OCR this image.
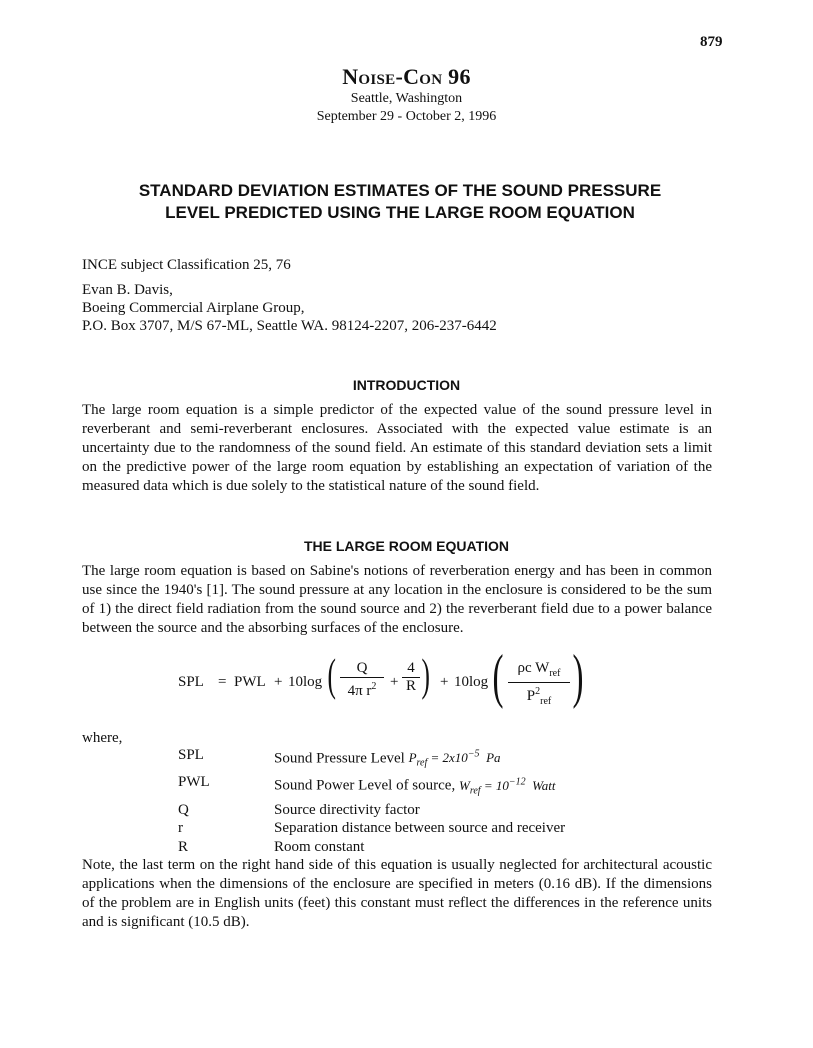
879
Noise-Con 96
Seattle, Washington
September 29 - October 2, 1996
STANDARD DEVIATION ESTIMATES OF THE SOUND PRESSURE
LEVEL PREDICTED USING THE LARGE ROOM EQUATION
INCE subject Classification 25, 76
Evan B. Davis,
Boeing Commercial Airplane Group,
P.O. Box 3707, M/S 67-ML, Seattle WA. 98124-2207, 206-237-6442
INTRODUCTION
The large room equation is a simple predictor of the expected value of the sound pressure level in reverberant and semi-reverberant enclosures. Associated with the expected value estimate is an uncertainty due to the randomness of the sound field. An estimate of this standard deviation sets a limit on the predictive power of the large room equation by establishing an expectation of variation of the measured data which is due solely to the statistical nature of the sound field.
THE LARGE ROOM EQUATION
The large room equation is based on Sabine's notions of reverberation energy and has been in common use since the 1940's [1]. The sound pressure at any location in the enclosure is considered to be the sum of 1) the direct field radiation from the sound source and 2) the reverberant field due to a power balance between the source and the absorbing surfaces of the enclosure.
SPL = PWL + 10log ( $\frac{Q}{4\pi r^2} + \frac{4}{R}$ ) + 10log ( ρc $W_{ref}$
$P^2_{ref}$ )
where,
SPL	Sound Pressure Level $P_{ref} = 2x10^{-5}$ Pa
PWL	Sound Power Level of source, $W_{ref} = 10^{-12}$ Watt
Q	Source directivity factor
r	Separation distance between source and receiver
R	Room constant
Note, the last term on the right hand side of this equation is usually neglected for architectural acoustic applications when the dimensions of the enclosure are specified in meters (0.16 dB). If the dimensions of the problem are in English units (feet) this constant must reflect the differences in the reference units and is significant (10.5 dB).
